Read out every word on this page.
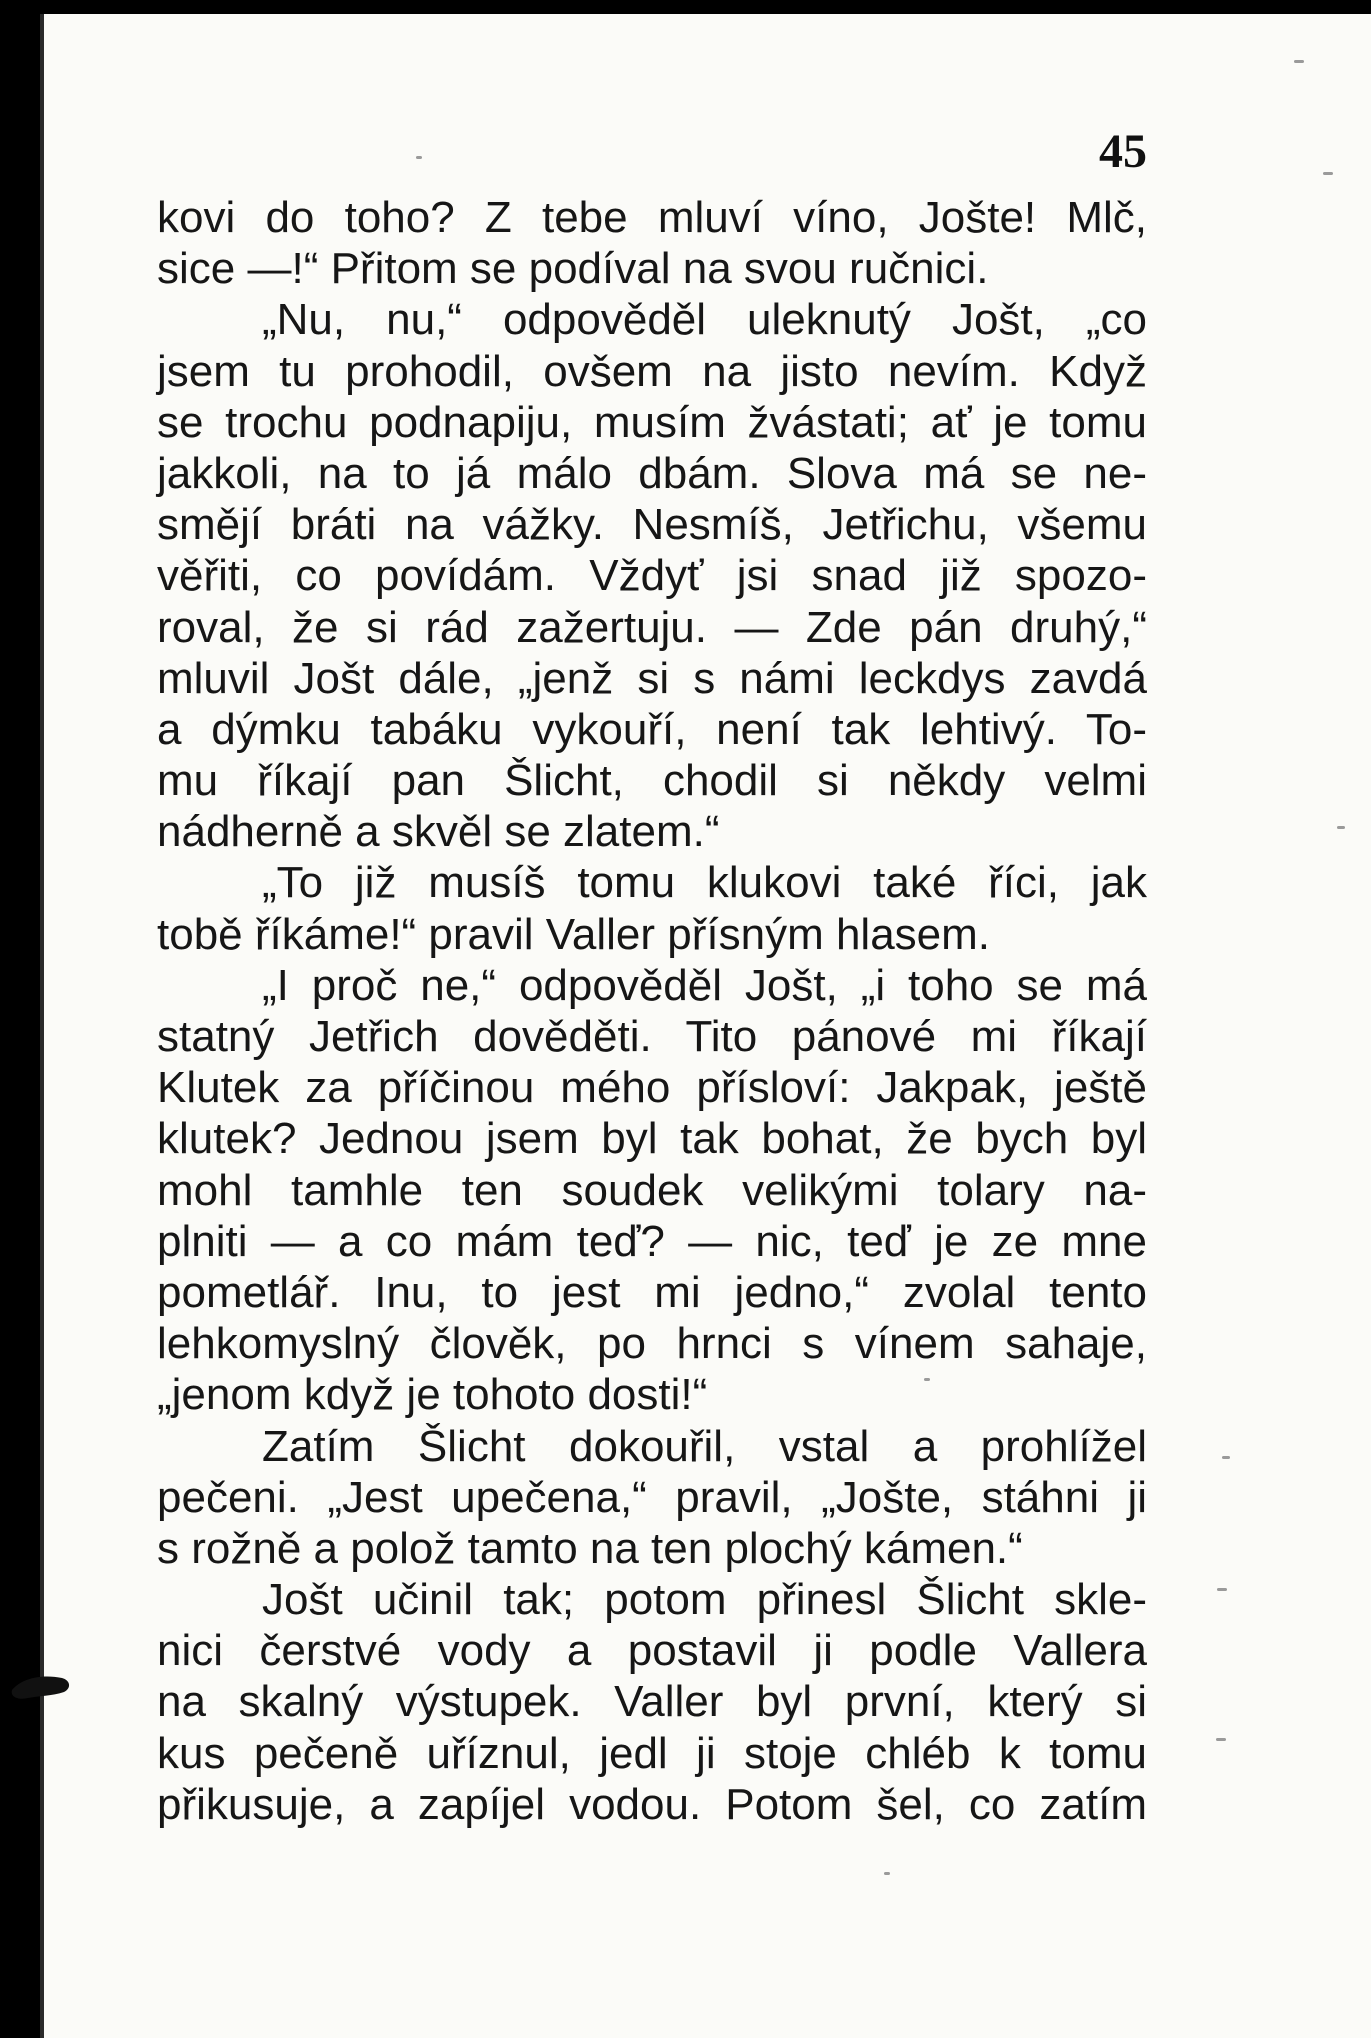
45

kovi do toho? Z tebe mluví víno, Jošte! Mlč,
sice —!“ Přitom se podíval na svou ručnici.
„Nu, nu,“ odpověděl uleknutý Jošt, „co
jsem tu prohodil, ovšem na jisto nevím. Když
se trochu podnapiju, musím žvástati; ať je tomu
jakkoli, na to já málo dbám. Slova má se ne-
smějí bráti na vážky. Nesmíš, Jetřichu, všemu
věřiti, co povídám. Vždyť jsi snad již spozo-
roval, že si rád zažertuju. — Zde pán druhý,“
mluvil Jošt dále, „jenž si s námi leckdys zavdá
a dýmku tabáku vykouří, není tak lehtivý. To-
mu říkají pan Šlicht, chodil si někdy velmi
nádherně a skvěl se zlatem.“
„To již musíš tomu klukovi také říci, jak
tobě říkáme!“ pravil Valler přísným hlasem.
„I proč ne,“ odpověděl Jošt, „i toho se má
statný Jetřich dověděti. Tito pánové mi říkají
Klutek za příčinou mého přísloví: Jakpak, ještě
klutek? Jednou jsem byl tak bohat, že bych byl
mohl tamhle ten soudek velikými tolary na-
plniti — a co mám teď? — nic, teď je ze mne
pometlář. Inu, to jest mi jedno,“ zvolal tento
lehkomyslný člověk, po hrnci s vínem sahaje,
„jenom když je tohoto dosti!“
Zatím Šlicht dokouřil, vstal a prohlížel
pečeni. „Jest upečena,“ pravil, „Jošte, stáhni ji
s rožně a polož tamto na ten plochý kámen.“
Jošt učinil tak; potom přinesl Šlicht skle-
nici čerstvé vody a postavil ji podle Vallera
na skalný výstupek. Valler byl první, který si
kus pečeně uříznul, jedl ji stoje chléb k tomu
přikusuje, a zapíjel vodou. Potom šel, co zatím
